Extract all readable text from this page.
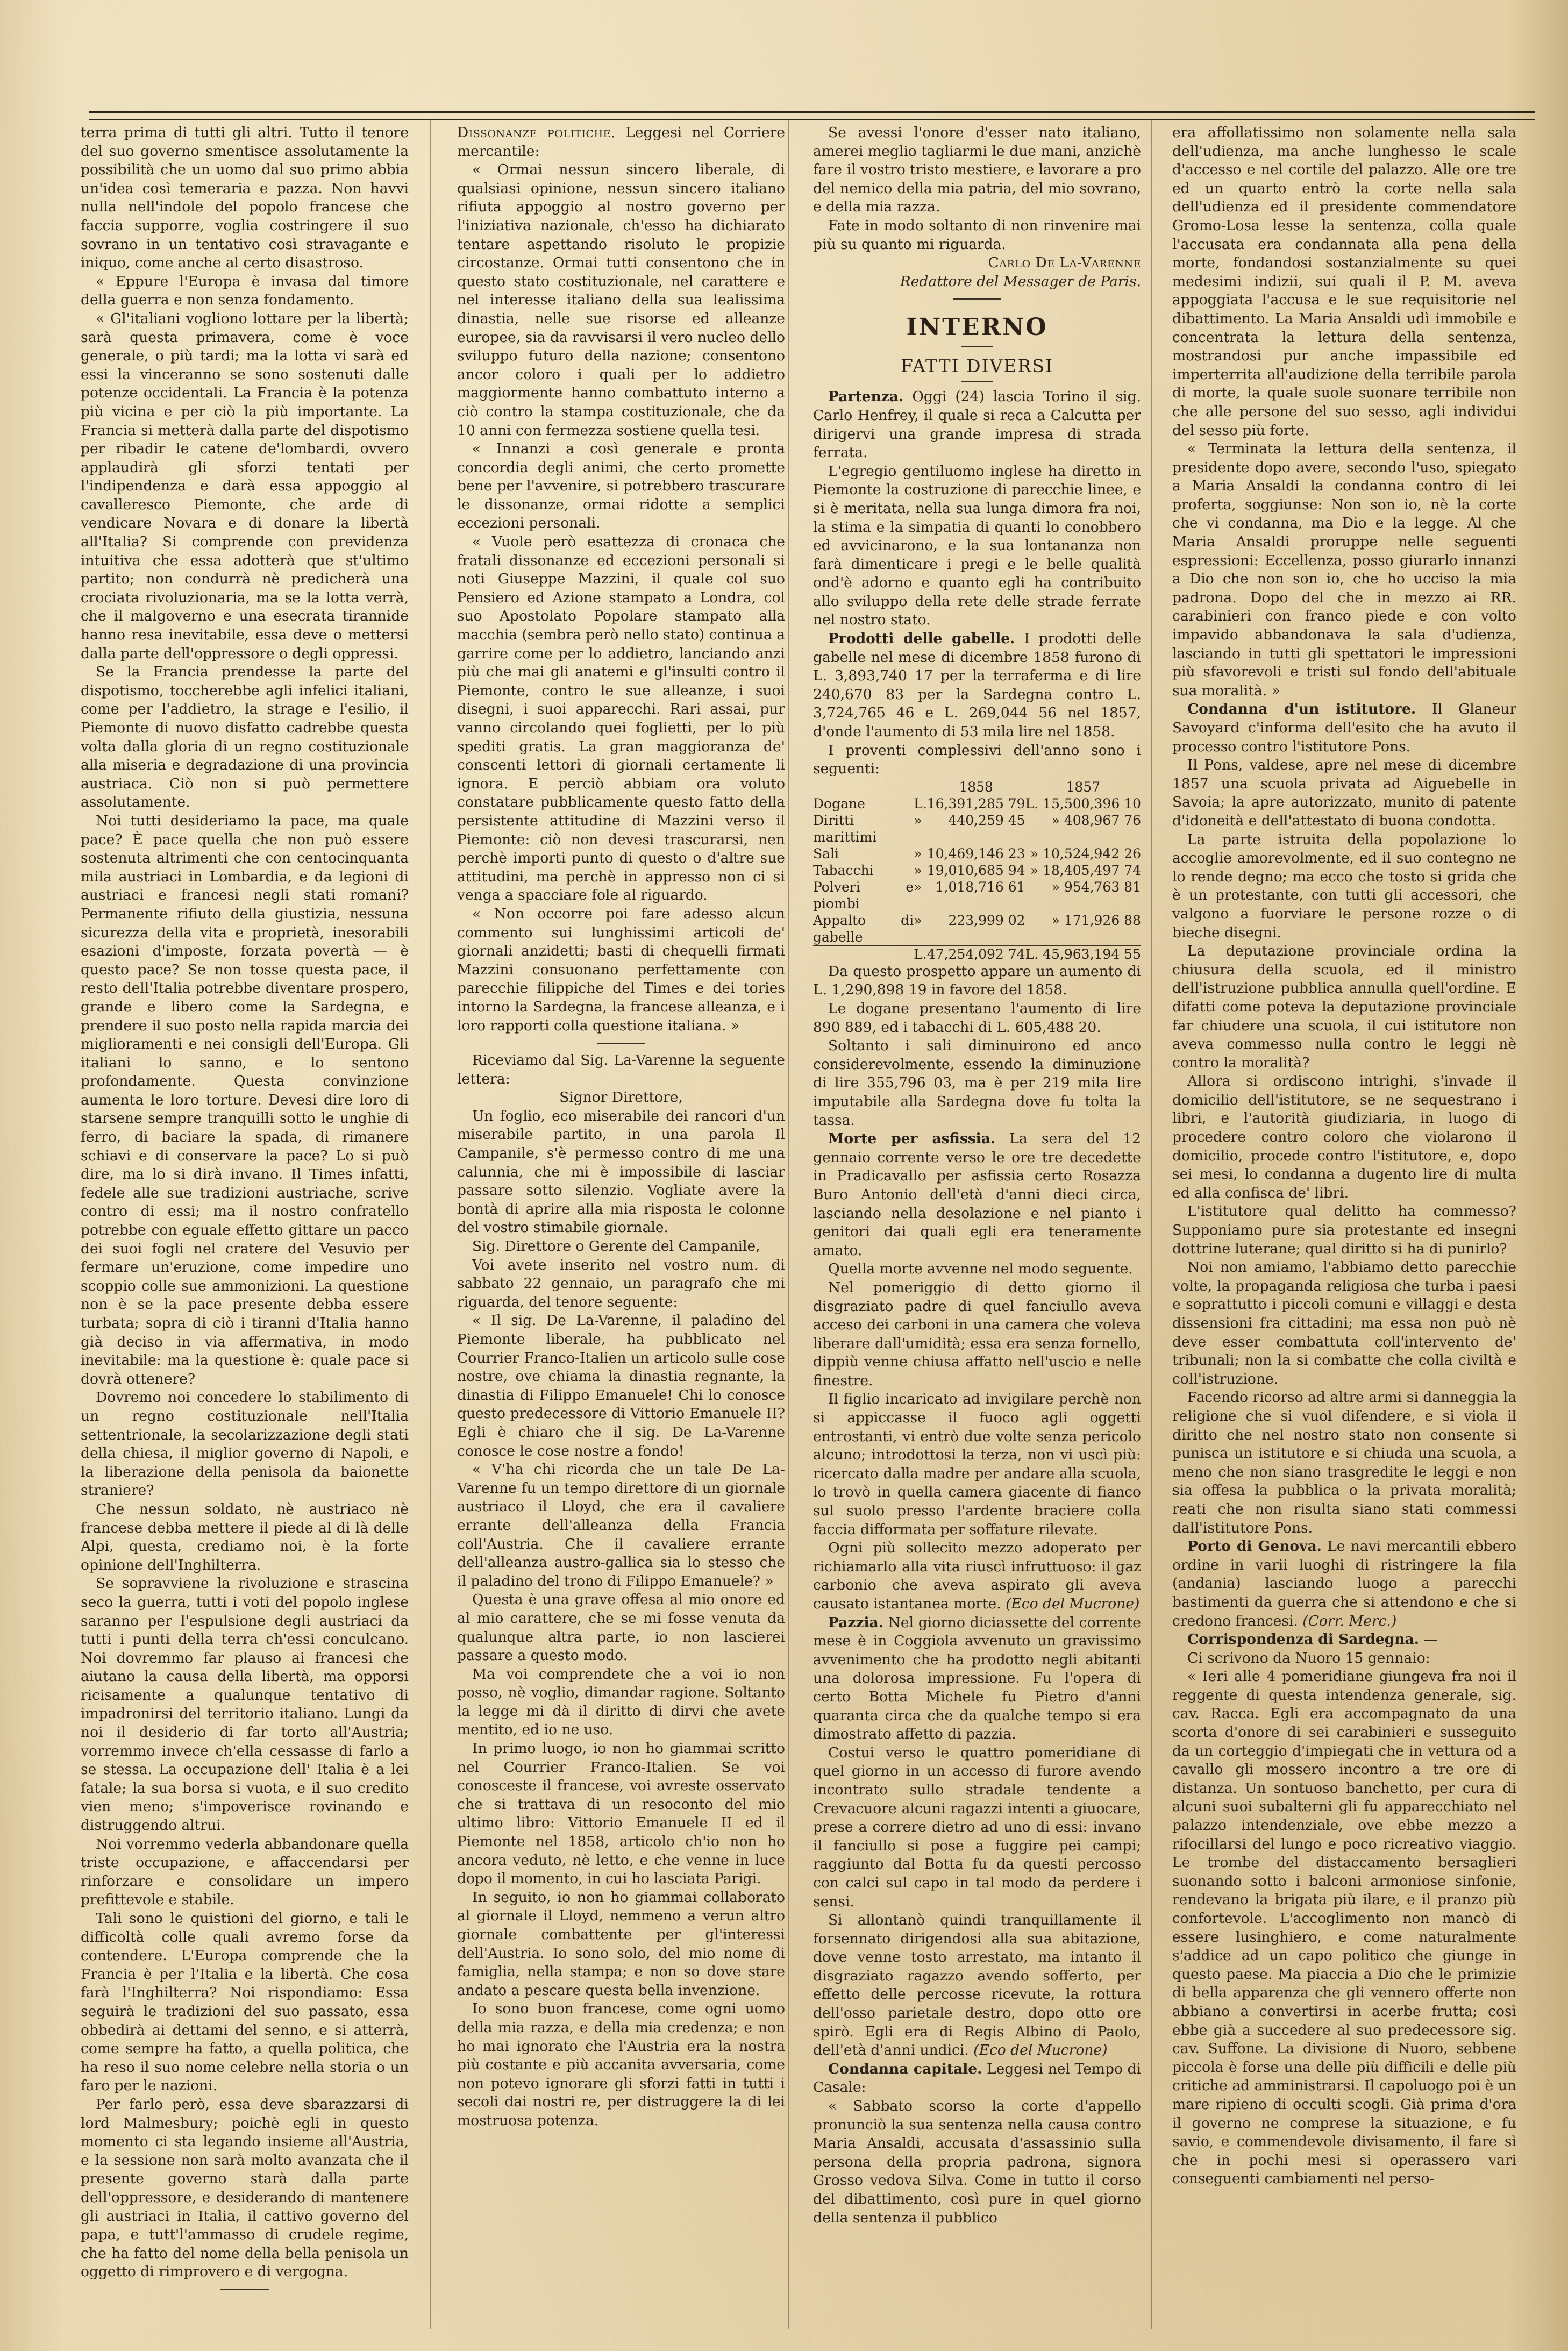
terra prima di tutti gli altri. Tutto il tenore del suo governo smentisce assolutamente la possibilità che un uomo dal suo primo abbia un'idea così temeraria e pazza. Non havvi nulla nell'indole del popolo francese che faccia supporre, voglia costringere il suo sovrano in un tentativo così stravagante e iniquo, come anche al certo disastroso.

« Eppure l'Europa è invasa dal timore della guerra e non senza fondamento.

« Gl'italiani vogliono lottare per la libertà; sarà questa primavera, come è voce generale, o più tardi; ma la lotta vi sarà ed essi la vinceranno se sono sostenuti dalle potenze occidentali. La Francia è la potenza più vicina e per ciò la più importante. La Francia si metterà dalla parte del dispotismo per ribadir le catene de'lombardi, ovvero applaudirà gli sforzi tentati per l'indipendenza e darà essa appoggio al cavalleresco Piemonte, che arde di vendicare Novara e di donare la libertà all'Italia? Si comprende con previdenza intuitiva che essa adotterà que st'ultimo partito; non condurrà nè predicherà una crociata rivoluzionaria, ma se la lotta verrà, che il malgoverno e una esecrata tirannide hanno resa inevitabile, essa deve o mettersi dalla parte dell'oppressore o degli oppressi.

Se la Francia prendesse la parte del dispotismo, toccherebbe agli infelici italiani, come per l'addietro, la strage e l'esilio, il Piemonte di nuovo disfatto cadrebbe questa volta dalla gloria di un regno costituzionale alla miseria e degradazione di una provincia austriaca. Ciò non si può permettere assolutamente.

Noi tutti desideriamo la pace, ma quale pace? È pace quella che non può essere sostenuta altrimenti che con centocinquanta mila austriaci in Lombardia, e da legioni di austriaci e francesi negli stati romani? Permanente rifiuto della giustizia, nessuna sicurezza della vita e proprietà, inesorabili esazioni d'imposte, forzata povertà — è questo pace? Se non tosse questa pace, il resto dell'Italia potrebbe diventare prospero, grande e libero come la Sardegna, e prendere il suo posto nella rapida marcia dei miglioramenti e nei consigli dell'Europa. Gli italiani lo sanno, e lo sentono profondamente. Questa convinzione aumenta le loro torture. Devesi dire loro di starsene sempre tranquilli sotto le unghie di ferro, di baciare la spada, di rimanere schiavi e di conservare la pace? Lo si può dire, ma lo si dirà invano. Il Times infatti, fedele alle sue tradizioni austriache, scrive contro di essi; ma il nostro confratello potrebbe con eguale effetto gittare un pacco dei suoi fogli nel cratere del Vesuvio per fermare un'eruzione, come impedire uno scoppio colle sue ammonizioni. La questione non è se la pace presente debba essere turbata; sopra di ciò i tiranni d'Italia hanno già deciso in via affermativa, in modo inevitabile: ma la questione è: quale pace si dovrà ottenere?

Dovremo noi concedere lo stabilimento di un regno costituzionale nell'Italia settentrionale, la secolarizzazione degli stati della chiesa, il miglior governo di Napoli, e la liberazione della penisola da baionette straniere?

Che nessun soldato, nè austriaco nè francese debba mettere il piede al di là delle Alpi, questa, crediamo noi, è la forte opinione dell'Inghilterra.

Se sopravviene la rivoluzione e strascina seco la guerra, tutti i voti del popolo inglese saranno per l'espulsione degli austriaci da tutti i punti della terra ch'essi conculcano. Noi dovremmo far plauso ai francesi che aiutano la causa della libertà, ma opporsi ricisamente a qualunque tentativo di impadronirsi del territorio italiano. Lungi da noi il desiderio di far torto all'Austria; vorremmo invece ch'ella cessasse di farlo a se stessa. La occupazione dell' Italia è a lei fatale; la sua borsa si vuota, e il suo credito vien meno; s'impoverisce rovinando e distruggendo altrui.

Noi vorremmo vederla abbandonare quella triste occupazione, e affaccendarsi per rinforzare e consolidare un impero prefittevole e stabile.

Tali sono le quistioni del giorno, e tali le difficoltà colle quali avremo forse da contendere. L'Europa comprende che la Francia è per l'Italia e la libertà. Che cosa farà l'Inghilterra? Noi rispondiamo: Essa seguirà le tradizioni del suo passato, essa obbedirà ai dettami del senno, e si atterrà, come sempre ha fatto, a quella politica, che ha reso il suo nome celebre nella storia o un faro per le nazioni.

Per farlo però, essa deve sbarazzarsi di lord Malmesbury; poichè egli in questo momento ci sta legando insieme all'Austria, e la sessione non sarà molto avanzata che il presente governo starà dalla parte dell'oppressore, e desiderando di mantenere gli austriaci in Italia, il cattivo governo del papa, e tutt'l'ammasso di crudele regime, che ha fatto del nome della bella penisola un oggetto di rimprovero e di vergogna.

Dissonanze politiche. Leggesi nel Corriere mercantile:

« Ormai nessun sincero liberale, di qualsiasi opinione, nessun sincero italiano rifiuta appoggio al nostro governo per l'iniziativa nazionale, ch'esso ha dichiarato tentare aspettando risoluto le propizie circostanze. Ormai tutti consentono che in questo stato costituzionale, nel carattere e nel interesse italiano della sua lealissima dinastia, nelle sue risorse ed alleanze europee, sia da ravvisarsi il vero nucleo dello sviluppo futuro della nazione; consentono ancor coloro i quali per lo addietro maggiormente hanno combattuto interno a ciò contro la stampa costituzionale, che da 10 anni con fermezza sostiene quella tesi.

« Innanzi a così generale e pronta concordia degli animi, che certo promette bene per l'avvenire, si potrebbero trascurare le dissonanze, ormai ridotte a semplici eccezioni personali.

« Vuole però esattezza di cronaca che fratali dissonanze ed eccezioni personali si noti Giuseppe Mazzini, il quale col suo Pensiero ed Azione stampato a Londra, col suo Apostolato Popolare stampato alla macchia (sembra però nello stato) continua a garrire come per lo addietro, lanciando anzi più che mai gli anatemi e gl'insulti contro il Piemonte, contro le sue alleanze, i suoi disegni, i suoi apparecchi. Rari assai, pur vanno circolando quei foglietti, per lo più spediti gratis. La gran maggioranza de' conscenti lettori di giornali certamente li ignora. E perciò abbiam ora voluto constatare pubblicamente questo fatto della persistente attitudine di Mazzini verso il Piemonte: ciò non devesi trascurarsi, nen perchè importi punto di questo o d'altre sue attitudini, ma perchè in appresso non ci si venga a spacciare fole al riguardo.

« Non occorre poi fare adesso alcun commento sui lunghissimi articoli de' giornali anzidetti; basti di chequelli firmati Mazzini consuonano perfettamente con parecchie filippiche del Times e dei tories intorno la Sardegna, la francese alleanza, e i loro rapporti colla questione italiana. »

Riceviamo dal Sig. La-Varenne la seguente lettera:

Signor Direttore,

Un foglio, eco miserabile dei rancori d'un miserabile partito, in una parola Il Campanile, s'è permesso contro di me una calunnia, che mi è impossibile di lasciar passare sotto silenzio. Vogliate avere la bontà di aprire alla mia risposta le colonne del vostro stimabile giornale.

Sig. Direttore o Gerente del Campanile,

Voi avete inserito nel vostro num. di sabbato 22 gennaio, un paragrafo che mi riguarda, del tenore seguente:

« Il sig. De La-Varenne, il paladino del Piemonte liberale, ha pubblicato nel Courrier Franco-Italien un articolo sulle cose nostre, ove chiama la dinastia regnante, la dinastia di Filippo Emanuele! Chi lo conosce questo predecessore di Vittorio Emanuele II? Egli è chiaro che il sig. De La-Varenne conosce le cose nostre a fondo!

« V'ha chi ricorda che un tale De La-Varenne fu un tempo direttore di un giornale austriaco il Lloyd, che era il cavaliere errante dell'alleanza della Francia coll'Austria. Che il cavaliere errante dell'alleanza austro-gallica sia lo stesso che il paladino del trono di Filippo Emanuele? »

Questa è una grave offesa al mio onore ed al mio carattere, che se mi fosse venuta da qualunque altra parte, io non lascierei passare a questo modo.

Ma voi comprendete che a voi io non posso, nè voglio, dimandar ragione. Soltanto la legge mi dà il diritto di dirvi che avete mentito, ed io ne uso.

In primo luogo, io non ho giammai scritto nel Courrier Franco-Italien. Se voi conosceste il francese, voi avreste osservato che si trattava di un resoconto del mio ultimo libro: Vittorio Emanuele II ed il Piemonte nel 1858, articolo ch'io non ho ancora veduto, nè letto, e che venne in luce dopo il momento, in cui ho lasciata Parigi.

In seguito, io non ho giammai collaborato al giornale il Lloyd, nemmeno a verun altro giornale combattente per gl'interessi dell'Austria. Io sono solo, del mio nome di famiglia, nella stampa; e non so dove stare andato a pescare questa bella invenzione.

Io sono buon francese, come ogni uomo della mia razza, e della mia credenza; e non ho mai ignorato che l'Austria era la nostra più costante e più accanita avversaria, come non potevo ignorare gli sforzi fatti in tutti i secoli dai nostri re, per distruggere la di lei mostruosa potenza.

Se avessi l'onore d'esser nato italiano, amerei meglio tagliarmi le due mani, anzichè fare il vostro tristo mestiere, e lavorare a pro del nemico della mia patria, del mio sovrano, e della mia razza.

Fate in modo soltanto di non rinvenire mai più su quanto mi riguarda.

Carlo De La-Varenne

Redattore del Messager de Paris.

INTERNO
FATTI DIVERSI

Partenza. Oggi (24) lascia Torino il sig. Carlo Henfrey, il quale si reca a Calcutta per dirigervi una grande impresa di strada ferrata.

L'egregio gentiluomo inglese ha diretto in Piemonte la costruzione di parecchie linee, e si è meritata, nella sua lunga dimora fra noi, la stima e la simpatia di quanti lo conobbero ed avvicinarono, e la sua lontananza non farà dimenticare i pregi e le belle qualità ond'è adorno e quanto egli ha contribuito allo sviluppo della rete delle strade ferrate nel nostro stato.

Prodotti delle gabelle. I prodotti delle gabelle nel mese di dicembre 1858 furono di L. 3,893,740 17 per la terraferma e di lire 240,670 83 per la Sardegna contro L. 3,724,765 46 e L. 269,044 56 nel 1857, d'onde l'aumento di 53 mila lire nel 1858.

I proventi complessivi dell'anno sono i seguenti:

		1858	1857
Dogane	L.	16,391,285 79	L. 15,500,396 10
Diritti marittimi	»	440,259 45	» 408,967 76
Sali	»	10,469,146 23	» 10,524,942 26
Tabacchi	»	19,010,685 94	» 18,405,497 74
Polveri e piombi	»	1,018,716 61	» 954,763 81
Appalto di gabelle	»	223,999 02	» 171,926 88
	L.	47,254,092 74	L. 45,963,194 55

Da questo prospetto appare un aumento di L. 1,290,898 19 in favore del 1858.

Le dogane presentano l'aumento di lire 890 889, ed i tabacchi di L. 605,488 20.

Soltanto i sali diminuirono ed anco considerevolmente, essendo la diminuzione di lire 355,796 03, ma è per 219 mila lire imputabile alla Sardegna dove fu tolta la tassa.

Morte per asfissia. La sera del 12 gennaio corrente verso le ore tre decedette in Pradicavallo per asfissia certo Rosazza Buro Antonio dell'età d'anni dieci circa, lasciando nella desolazione e nel pianto i genitori dai quali egli era teneramente amato.

Quella morte avvenne nel modo seguente.

Nel pomeriggio di detto giorno il disgraziato padre di quel fanciullo aveva acceso dei carboni in una camera che voleva liberare dall'umidità; essa era senza fornello, dippiù venne chiusa affatto nell'uscio e nelle finestre.

Il figlio incaricato ad invigilare perchè non si appiccasse il fuoco agli oggetti entrostanti, vi entrò due volte senza pericolo alcuno; introdottosi la terza, non vi uscì più: ricercato dalla madre per andare alla scuola, lo trovò in quella camera giacente di fianco sul suolo presso l'ardente braciere colla faccia difformata per soffature rilevate.

Ogni più sollecito mezzo adoperato per richiamarlo alla vita riuscì infruttuoso: il gaz carbonio che aveva aspirato gli aveva causato istantanea morte. (Eco del Mucrone)

Pazzia. Nel giorno diciassette del corrente mese è in Coggiola avvenuto un gravissimo avvenimento che ha prodotto negli abitanti una dolorosa impressione. Fu l'opera di certo Botta Michele fu Pietro d'anni quaranta circa che da qualche tempo si era dimostrato affetto di pazzia.

Costui verso le quattro pomeridiane di quel giorno in un accesso di furore avendo incontrato sullo stradale tendente a Crevacuore alcuni ragazzi intenti a giuocare, prese a correre dietro ad uno di essi: invano il fanciullo si pose a fuggire pei campi; raggiunto dal Botta fu da questi percosso con calci sul capo in tal modo da perdere i sensi.

Si allontanò quindi tranquillamente il forsennato dirigendosi alla sua abitazione, dove venne tosto arrestato, ma intanto il disgraziato ragazzo avendo sofferto, per effetto delle percosse ricevute, la rottura dell'osso parietale destro, dopo otto ore spirò. Egli era di Regis Albino di Paolo, dell'età d'anni undici. (Eco del Mucrone)

Condanna capitale. Leggesi nel Tempo di Casale:

« Sabbato scorso la corte d'appello pronunciò la sua sentenza nella causa contro Maria Ansaldi, accusata d'assassinio sulla persona della propria padrona, signora Grosso vedova Silva. Come in tutto il corso del dibattimento, così pure in quel giorno della sentenza il pubblico

era affollatissimo non solamente nella sala dell'udienza, ma anche lunghesso le scale d'accesso e nel cortile del palazzo. Alle ore tre ed un quarto entrò la corte nella sala dell'udienza ed il presidente commendatore Gromo-Losa lesse la sentenza, colla quale l'accusata era condannata alla pena della morte, fondandosi sostanzialmente su quei medesimi indizii, sui quali il P. M. aveva appoggiata l'accusa e le sue requisitorie nel dibattimento. La Maria Ansaldi udì immobile e concentrata la lettura della sentenza, mostrandosi pur anche impassibile ed imperterrita all'audizione della terribile parola di morte, la quale suole suonare terribile non che alle persone del suo sesso, agli individui del sesso più forte.

« Terminata la lettura della sentenza, il presidente dopo avere, secondo l'uso, spiegato a Maria Ansaldi la condanna contro di lei proferta, soggiunse: Non son io, nè la corte che vi condanna, ma Dio e la legge. Al che Maria Ansaldi proruppe nelle seguenti espressioni: Eccellenza, posso giurarlo innanzi a Dio che non son io, che ho ucciso la mia padrona. Dopo del che in mezzo ai RR. carabinieri con franco piede e con volto impavido abbandonava la sala d'udienza, lasciando in tutti gli spettatori le impressioni più sfavorevoli e tristi sul fondo dell'abituale sua moralità. »

Condanna d'un istitutore. Il Glaneur Savoyard c'informa dell'esito che ha avuto il processo contro l'istitutore Pons.

Il Pons, valdese, apre nel mese di dicembre 1857 una scuola privata ad Aiguebelle in Savoia; la apre autorizzato, munito di patente d'idoneità e dell'attestato di buona condotta.

La parte istruita della popolazione lo accoglie amorevolmente, ed il suo contegno ne lo rende degno; ma ecco che tosto si grida che è un protestante, con tutti gli accessori, che valgono a fuorviare le persone rozze o di bieche disegni.

La deputazione provinciale ordina la chiusura della scuola, ed il ministro dell'istruzione pubblica annulla quell'ordine. E difatti come poteva la deputazione provinciale far chiudere una scuola, il cui istitutore non aveva commesso nulla contro le leggi nè contro la moralità?

Allora si ordiscono intrighi, s'invade il domicilio dell'istitutore, se ne sequestrano i libri, e l'autorità giudiziaria, in luogo di procedere contro coloro che violarono il domicilio, procede contro l'istitutore, e, dopo sei mesi, lo condanna a dugento lire di multa ed alla confisca de' libri.

L'istitutore qual delitto ha commesso? Supponiamo pure sia protestante ed insegni dottrine luterane; qual diritto si ha di punirlo?

Noi non amiamo, l'abbiamo detto parecchie volte, la propaganda religiosa che turba i paesi e soprattutto i piccoli comuni e villaggi e desta dissensioni fra cittadini; ma essa non può nè deve esser combattuta coll'intervento de' tribunali; non la si combatte che colla civiltà e coll'istruzione.

Facendo ricorso ad altre armi si danneggia la religione che si vuol difendere, e si viola il diritto che nel nostro stato non consente si punisca un istitutore e si chiuda una scuola, a meno che non siano trasgredite le leggi e non sia offesa la pubblica o la privata moralità; reati che non risulta siano stati commessi dall'istitutore Pons.

Porto di Genova. Le navi mercantili ebbero ordine in varii luoghi di ristringere la fila (andania) lasciando luogo a parecchi bastimenti da guerra che si attendono e che si credono francesi. (Corr. Merc.)

Corrispondenza di Sardegna. —

Ci scrivono da Nuoro 15 gennaio:

« Ieri alle 4 pomeridiane giungeva fra noi il reggente di questa intendenza generale, sig. cav. Racca. Egli era accompagnato da una scorta d'onore di sei carabinieri e susseguito da un corteggio d'impiegati che in vettura od a cavallo gli mossero incontro a tre ore di distanza. Un sontuoso banchetto, per cura di alcuni suoi subalterni gli fu apparecchiato nel palazzo intendenziale, ove ebbe mezzo a rifocillarsi del lungo e poco ricreativo viaggio. Le trombe del distaccamento bersaglieri suonando sotto i balconi armoniose sinfonie, rendevano la brigata più ilare, e il pranzo più confortevole. L'accoglimento non mancò di essere lusinghiero, e come naturalmente s'addice ad un capo politico che giunge in questo paese. Ma piaccia a Dio che le primizie di bella apparenza che gli vennero offerte non abbiano a convertirsi in acerbe frutta; così ebbe già a succedere al suo predecessore sig. cav. Suffone. La divisione di Nuoro, sebbene piccola è forse una delle più difficili e delle più critiche ad amministrarsi. Il capoluogo poi è un mare ripieno di occulti scogli. Già prima d'ora il governo ne comprese la situazione, e fu savio, e commendevole divisamento, il fare sì che in pochi mesi si operassero vari conseguenti cambiamenti nel perso-
